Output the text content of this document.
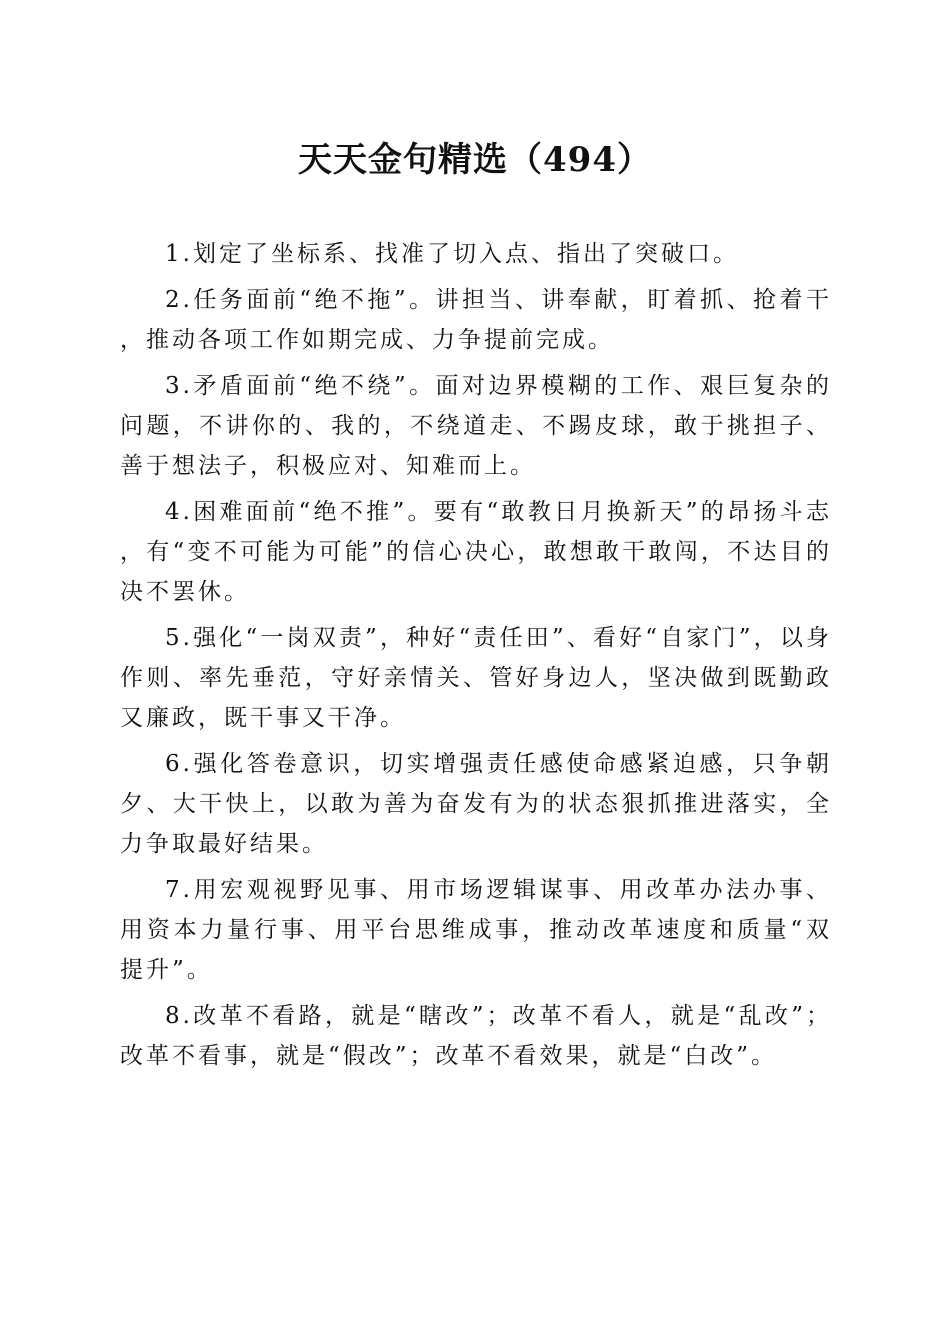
天天金句精选（494）

1.划定了坐标系、找准了切入点、指出了突破口。

2.任务面前“绝不拖”。讲担当、讲奉献，盯着抓、抢着干，推动各项工作如期完成、力争提前完成。

3.矛盾面前“绝不绕”。面对边界模糊的工作、艰巨复杂的问题，不讲你的、我的，不绕道走、不踢皮球，敢于挑担子、善于想法子，积极应对、知难而上。

4.困难面前“绝不推”。要有“敢教日月换新天”的昂扬斗志，有“变不可能为可能”的信心决心，敢想敢干敢闯，不达目的决不罢休。

5.强化“一岗双责”，种好“责任田”、看好“自家门”，以身作则、率先垂范，守好亲情关、管好身边人，坚决做到既勤政又廉政，既干事又干净。

6.强化答卷意识，切实增强责任感使命感紧迫感，只争朝夕、大干快上，以敢为善为奋发有为的状态狠抓推进落实，全力争取最好结果。

7.用宏观视野见事、用市场逻辑谋事、用改革办法办事、用资本力量行事、用平台思维成事，推动改革速度和质量“双提升”。

8.改革不看路，就是“瞎改”；改革不看人，就是“乱改”；改革不看事，就是“假改”；改革不看效果，就是“白改”。
